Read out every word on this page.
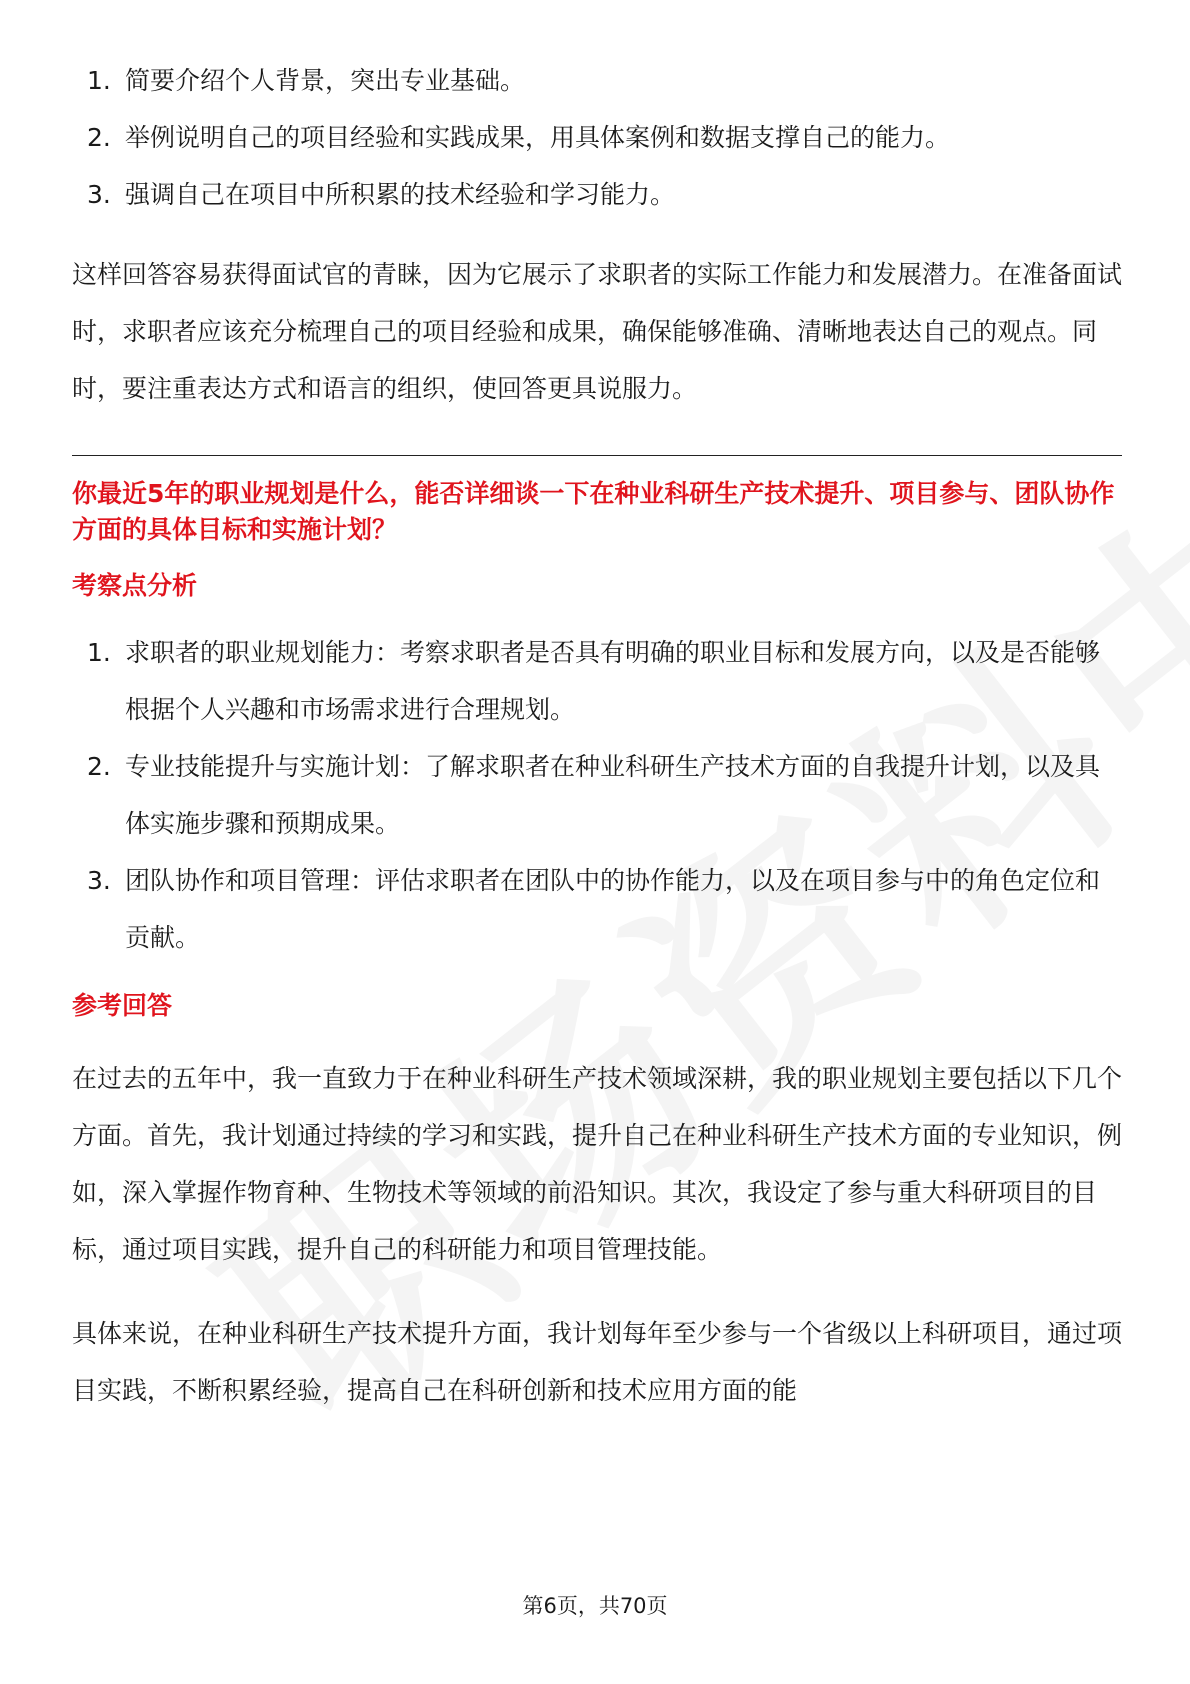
1. 简要介绍个人背景，突出专业基础。
2. 举例说明自己的项目经验和实践成果，用具体案例和数据支撑自己的能力。
3. 强调自己在项目中所积累的技术经验和学习能力。

这样回答容易获得面试官的青睐，因为它展示了求职者的实际工作能力和发展潜力。在准备面试时，求职者应该充分梳理自己的项目经验和成果，确保能够准确、清晰地表达自己的观点。同时，要注重表达方式和语言的组织，使回答更具说服力。

你最近5年的职业规划是什么，能否详细谈一下在种业科研生产技术提升、项目参与、团队协作方面的具体目标和实施计划？
考察点分析
1. 求职者的职业规划能力：考察求职者是否具有明确的职业目标和发展方向，以及是否能够根据个人兴趣和市场需求进行合理规划。
2. 专业技能提升与实施计划：了解求职者在种业科研生产技术方面的自我提升计划，以及具体实施步骤和预期成果。
3. 团队协作和项目管理：评估求职者在团队中的协作能力，以及在项目参与中的角色定位和贡献。
参考回答

在过去的五年中，我一直致力于在种业科研生产技术领域深耕，我的职业规划主要包括以下几个方面。首先，我计划通过持续的学习和实践，提升自己在种业科研生产技术方面的专业知识，例如，深入掌握作物育种、生物技术等领域的前沿知识。其次，我设定了参与重大科研项目的目标，通过项目实践，提升自己的科研能力和项目管理技能。

具体来说，在种业科研生产技术提升方面，我计划每年至少参与一个省级以上科研项目，通过项目实践，不断积累经验，提高自己在科研创新和技术应用方面的能

第6页，共70页
